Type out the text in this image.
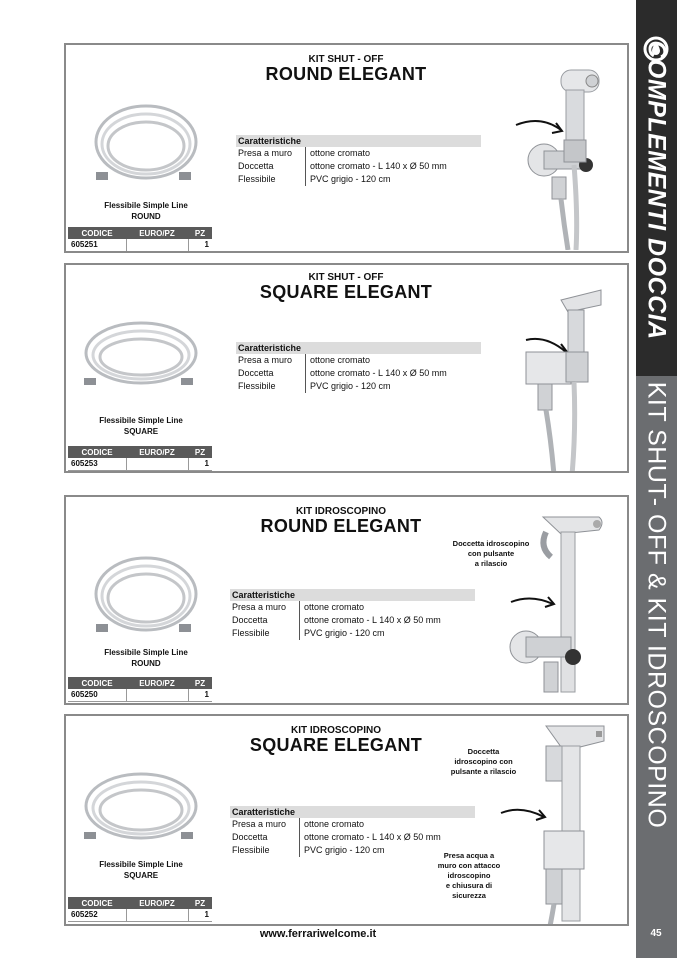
COMPLEMENTI DOCCIA
KIT SHUT- OFF & KIT IDROSCOPINO
45
KIT SHUT - OFF
ROUND ELEGANT
Flessibile Simple Line
ROUND
CODICE	EURO/PZ	PZ
605251		1
Caratteristiche
Presa a muro	ottone cromato
Doccetta	ottone cromato - L 140 x Ø 50 mm
Flessibile	PVC grigio - 120 cm
KIT SHUT - OFF
SQUARE ELEGANT
Flessibile Simple Line
SQUARE
CODICE	EURO/PZ	PZ
605253		1
Caratteristiche
Presa a muro	ottone cromato
Doccetta	ottone cromato - L 140 x Ø 50 mm
Flessibile	PVC grigio - 120 cm
KIT IDROSCOPINO
ROUND ELEGANT
Flessibile Simple Line
ROUND
CODICE	EURO/PZ	PZ
605250		1
Caratteristiche
Presa a muro	ottone cromato
Doccetta	ottone cromato - L 140 x Ø 50 mm
Flessibile	PVC grigio - 120 cm
Doccetta idroscopino
con pulsante
a rilascio
KIT IDROSCOPINO
SQUARE ELEGANT
Flessibile Simple Line
SQUARE
CODICE	EURO/PZ	PZ
605252		1
Caratteristiche
Presa a muro	ottone cromato
Doccetta	ottone cromato - L 140 x Ø 50 mm
Flessibile	PVC grigio - 120 cm
Doccetta
idroscopino con
pulsante a rilascio
Presa acqua a
muro con attacco
idroscopino
e chiusura di
sicurezza
www.ferrariwelcome.it
